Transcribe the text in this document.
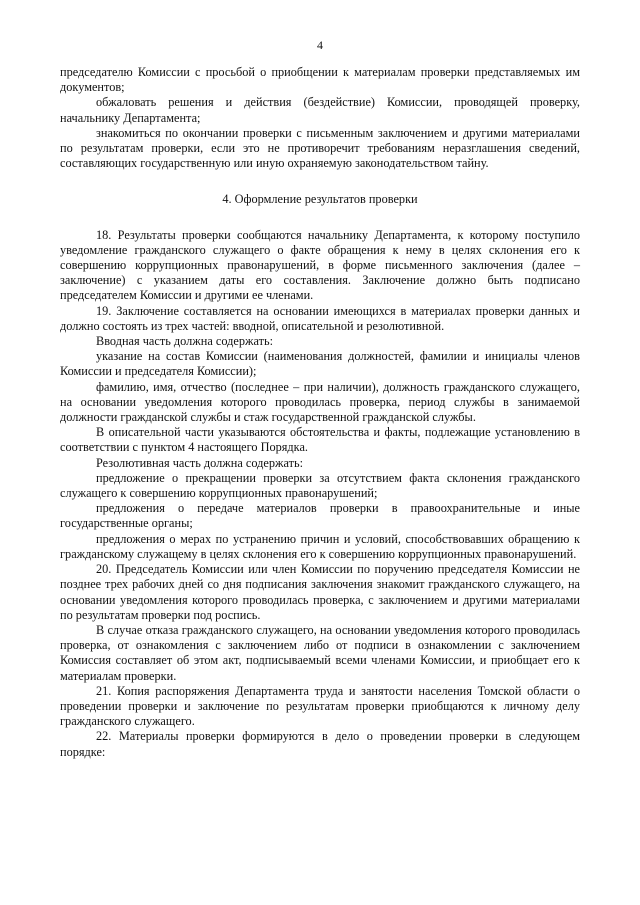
4

председателю Комиссии с просьбой о приобщении к материалам проверки представляемых им документов;

обжаловать решения и действия (бездействие) Комиссии, проводящей проверку, начальнику Департамента;

знакомиться по окончании проверки с письменным заключением и другими материалами по результатам проверки, если это не противоречит требованиям неразглашения сведений, составляющих государственную или иную охраняемую законодательством тайну.

4. Оформление результатов проверки

18. Результаты проверки сообщаются начальнику Департамента, к которому поступило уведомление гражданского служащего о факте обращения к нему в целях склонения его к совершению коррупционных правонарушений, в форме письменного заключения (далее – заключение) с указанием даты его составления. Заключение должно быть подписано председателем Комиссии и другими ее членами.

19. Заключение составляется на основании имеющихся в материалах проверки данных и должно состоять из трех частей: вводной, описательной и резолютивной.

Вводная часть должна содержать:

указание на состав Комиссии (наименования должностей, фамилии и инициалы членов Комиссии и председателя Комиссии);

фамилию, имя, отчество (последнее – при наличии), должность гражданского служащего, на основании уведомления которого проводилась проверка, период службы в занимаемой должности гражданской службы и стаж государственной гражданской службы.

В описательной части указываются обстоятельства и факты, подлежащие установлению в соответствии с пунктом 4 настоящего Порядка.

Резолютивная часть должна содержать:

предложение о прекращении проверки за отсутствием факта склонения гражданского служащего к совершению коррупционных правонарушений;

предложения о передаче материалов проверки в правоохранительные и иные государственные органы;

предложения о мерах по устранению причин и условий, способствовавших обращению к гражданскому служащему в целях склонения его к совершению коррупционных правонарушений.

20. Председатель Комиссии или член Комиссии по поручению председателя Комиссии не позднее трех рабочих дней со дня подписания заключения знакомит гражданского служащего, на основании уведомления которого проводилась проверка, с заключением и другими материалами по результатам проверки под роспись.

В случае отказа гражданского служащего, на основании уведомления которого проводилась проверка, от ознакомления с заключением либо от подписи в ознакомлении с заключением Комиссия составляет об этом акт, подписываемый всеми членами Комиссии, и приобщает его к материалам проверки.

21. Копия распоряжения Департамента труда и занятости населения Томской области о проведении проверки и заключение по результатам проверки приобщаются к личному делу гражданского служащего.

22. Материалы проверки формируются в дело о проведении проверки в следующем порядке:
